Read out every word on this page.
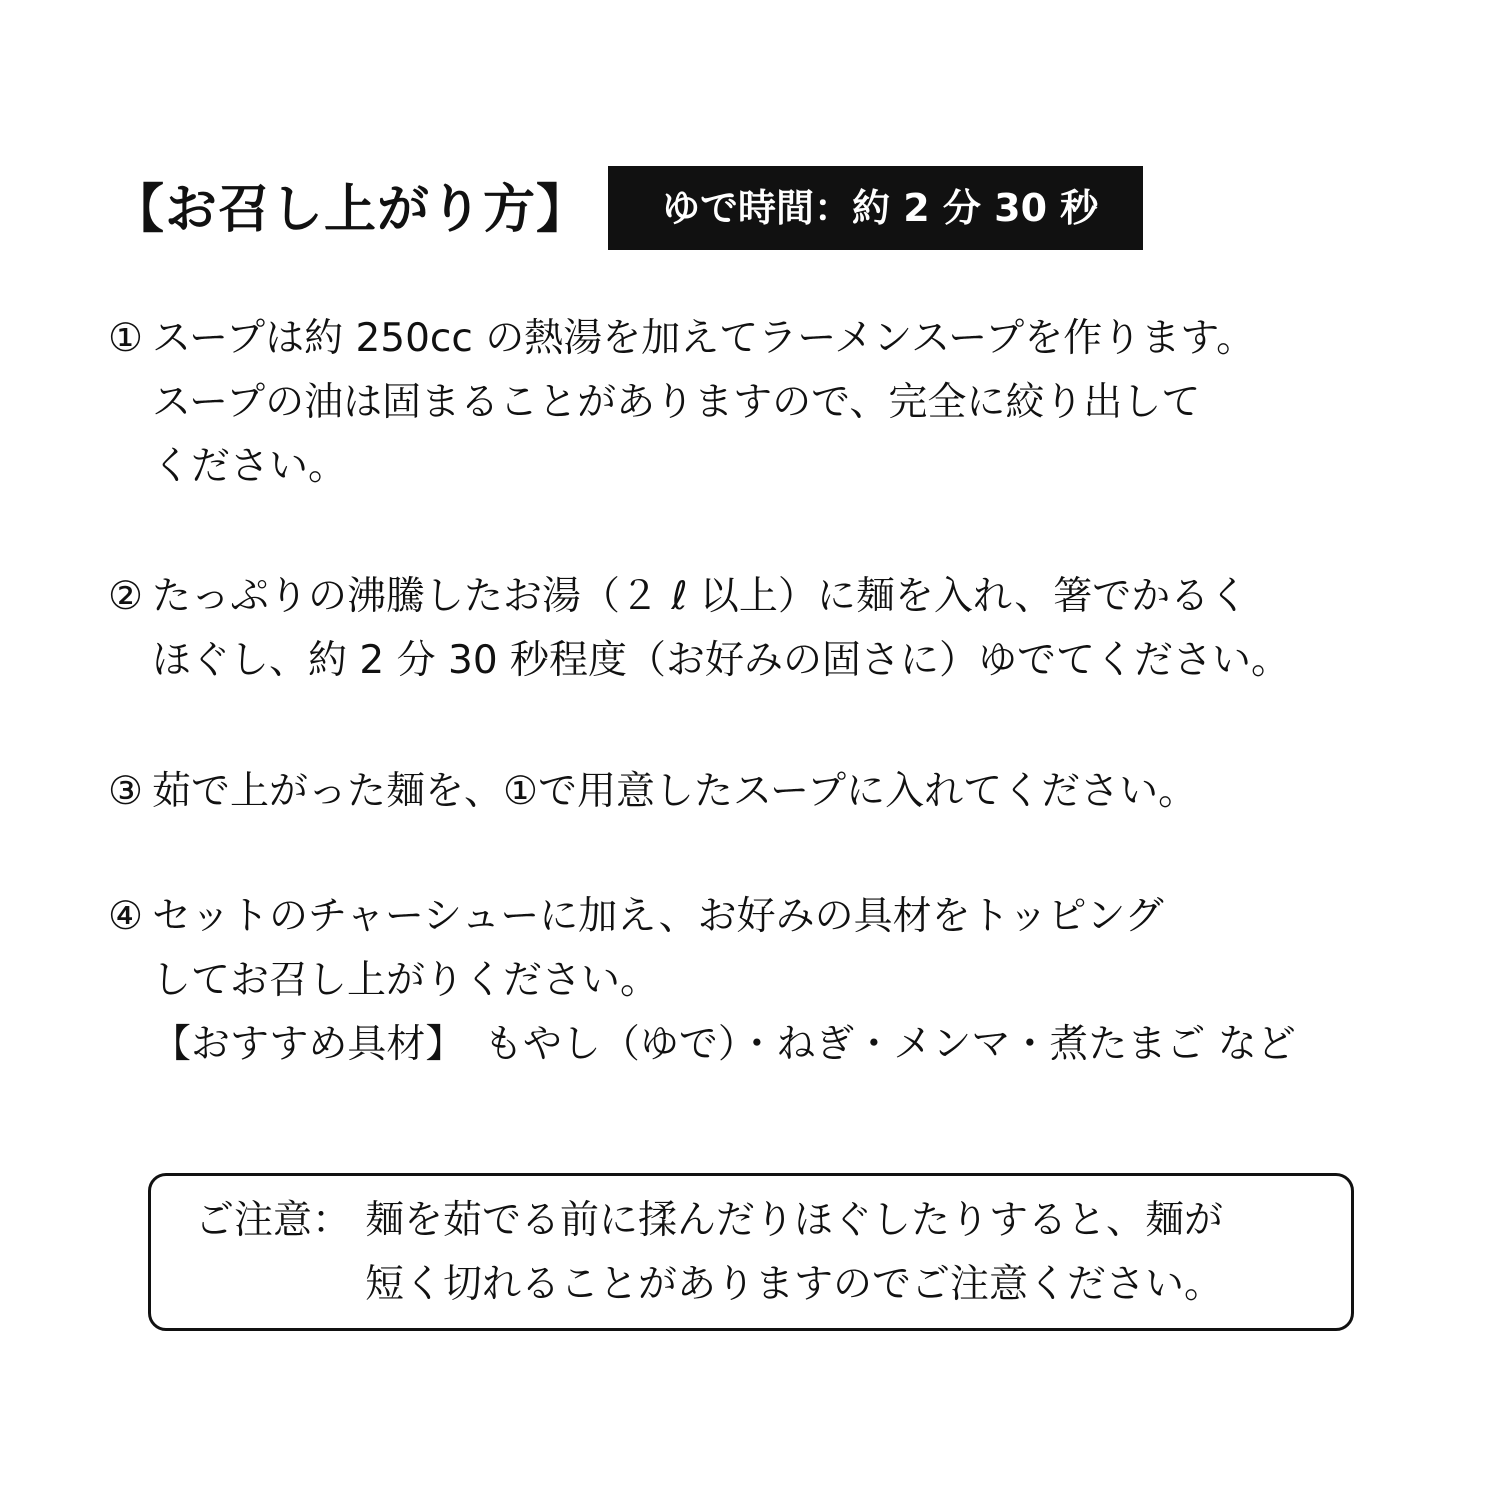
【お召し上がり方】	ゆで時間：約 2 分 30 秒
① スープは約 250cc の熱湯を加えてラーメンスープを作ります。
スープの油は固まることがありますので、完全に絞り出して
ください。
② たっぷりの沸騰したお湯（２ ℓ 以上）に麺を入れ、箸でかるく
ほぐし、約 2 分 30 秒程度（お好みの固さに）ゆでてください。
③ 茹で上がった麺を、①で用意したスープに入れてください。
④ セットのチャーシューに加え、お好みの具材をトッピング
してお召し上がりください。
【おすすめ具材】　もやし（ゆで）・ねぎ・メンマ・煮たまご など
ご注意： 麺を茹でる前に揉んだりほぐしたりすると、麺が
短く切れることがありますのでご注意ください。
